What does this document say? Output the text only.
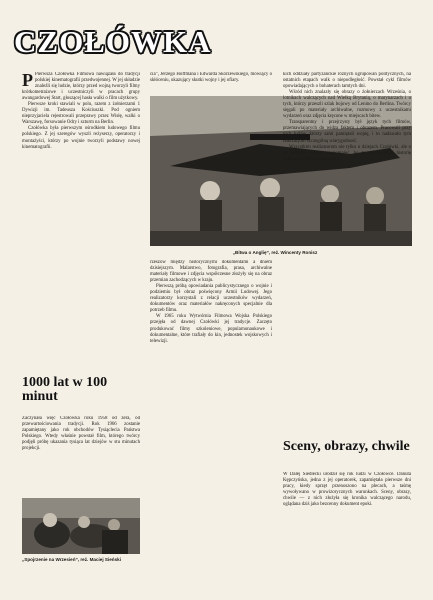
CZOŁÓWKA

P Pierwsza Czołówka Filmowa nawiązała do tradycji polskiej kinematografii przedwojennej. W jej składzie znaleźli się ludzie, którzy przed wojną tworzyli filmy krótkometrażowe i uczestniczyli w pracach grupy awangardowej Start, głoszącej hasła walki o film użytkowy.

Pierwsze kroki stawiali w polu, razem z żołnierzami 1 Dywizji im. Tadeusza Kościuszki. Pod ogniem nieprzyjaciela rejestrowali przeprawy przez Wisłę, walki o Warszawę, forsowanie Odry i szturm na Berlin.

Czołówka była pierwszym ośrodkiem ludowego filmu polskiego. Z jej szeregów wyszli reżyserzy, operatorzy i montażyści, którzy po wojnie tworzyli podstawy nowej kinematografii.

1000 lat w 100 minut

Zaczynała więc Czołówka roku 1958 od zera, od przewartościowania tradycji. Rok 1966 zostanie zapamiętany jako rok obchodów Tysiąclecia Państwa Polskiego. Wtedy właśnie powstał film, którego twórcy podjęli próbę ukazania tysiąca lat dziejów w stu minutach projekcji.

„Spojrzenie na Wrzesień”, reż. Maciej Sieński

cia”, Jerzego Hoffmana i Edwarda Skórzewskiego, mówiący o skłóceniu, ukazujący skutki wojny i jej ofiary.

„Bitwa o Anglię”, reż. Wincenty Ronisz

rzeszów między historycznymi dokumentami a dniem dzisiejszym. Malarstwo, fotografia, prasa, archiwalne materiały filmowe i zdjęcia współczesne złożyły się na obraz przemian zachodzących w kraju.

Pierwszą próbą opowiadania publicystycznego o wojnie i podziemiu był obraz poświęcony Armii Ludowej. Jego realizatorzy korzystali z relacji uczestników wydarzeń, dokumentów oraz materiałów nakręconych specjalnie dla potrzeb filmu.

W 1965 roku Wytwórnia Filmowa Wojska Polskiego przejęła od dawnej Czołówki jej tradycje. Zaczęto produkować filmy szkoleniowe, popularnonaukowe i dokumentalne, które trafiały do kin, jednostek wojskowych i telewizji.

kich oddziały partyzanckie różnych ugrupowań politycznych, na ostatnich etapach walk o niepodległość. Powstał cykl filmów opowiadających o bohaterach tamtych dni.

Wśród nich znalazły się obrazy o żołnierzach Września, o lotnikach walczących nad Wielką Brytanią, o marynarzach i o tych, którzy przeszli szlak bojowy od Lenino do Berlina. Twórcy sięgali po materiały archiwalne, rozmowy z uczestnikami wydarzeń oraz zdjęcia kręcone w miejscach bitew.

Transparentny i przejrzysty był język tych filmów, przemawiających do widza faktem i obrazem. Pracowali przy nich ludzie, którzy sami pamiętali wojnę, i to nadawało tym realizacjom szczególną wiarygodność.

Wszystkim realizatorom nie tylko o dziejach Czołówki, ale o jej ludziach warto przypomnieć, bo to oni tworzyli historię polskiego filmu wojskowego.

Sceny, obrazy, chwile

W Dalej Siedlecki urodził się rok ludzi w Czołówce. Danuta Kępczyńska, jedna z jej operatorek, zapamiętała pierwsze dni pracy, kiedy sprzęt przenoszono na plecach, a taśmę wywoływano w prowizorycznych warunkach. Sceny, obrazy, chwile — z nich złożyła się kronika walczącego narodu, oglądana dziś jako bezcenny dokument epoki.
